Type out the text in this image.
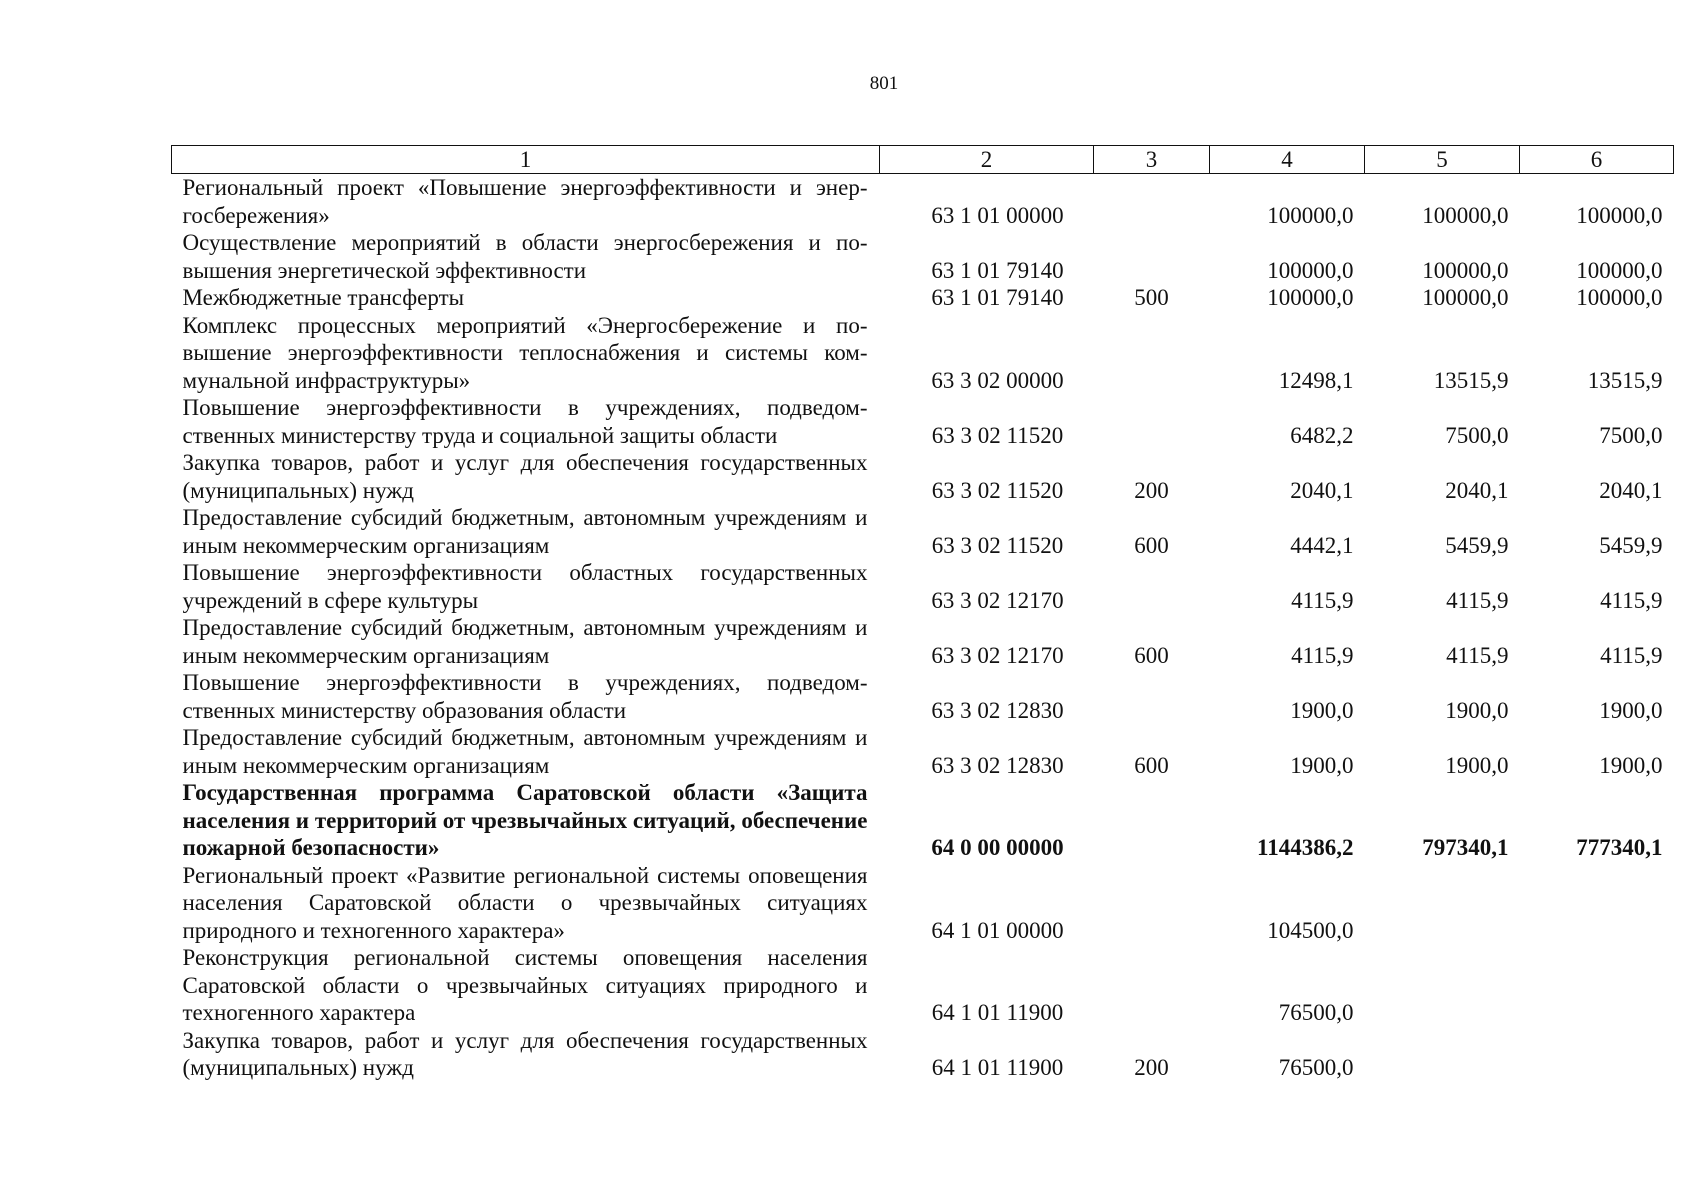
801
1	2	3	4	5	6
Региональный проект «Повышение энергоэффективности и энергосбережения»	63 1 01 00000		100000,0	100000,0	100000,0
Осуществление мероприятий в области энергосбережения и повышения энергетической эффективности	63 1 01 79140		100000,0	100000,0	100000,0
Межбюджетные трансферты	63 1 01 79140	500	100000,0	100000,0	100000,0
Комплекс процессных мероприятий «Энергосбережение и повышение энергоэффективности теплоснабжения и системы коммунальной инфраструктуры»	63 3 02 00000		12498,1	13515,9	13515,9
Повышение энергоэффективности в учреждениях, подведомственных министерству труда и социальной защиты области	63 3 02 11520		6482,2	7500,0	7500,0
Закупка товаров, работ и услуг для обеспечения государственных (муниципальных) нужд	63 3 02 11520	200	2040,1	2040,1	2040,1
Предоставление субсидий бюджетным, автономным учреждениям и иным некоммерческим организациям	63 3 02 11520	600	4442,1	5459,9	5459,9
Повышение энергоэффективности областных государственных учреждений в сфере культуры	63 3 02 12170		4115,9	4115,9	4115,9
Предоставление субсидий бюджетным, автономным учреждениям и иным некоммерческим организациям	63 3 02 12170	600	4115,9	4115,9	4115,9
Повышение энергоэффективности в учреждениях, подведомственных министерству образования области	63 3 02 12830		1900,0	1900,0	1900,0
Предоставление субсидий бюджетным, автономным учреждениям и иным некоммерческим организациям	63 3 02 12830	600	1900,0	1900,0	1900,0
Государственная программа Саратовской области «Защита населения и территорий от чрезвычайных ситуаций, обеспечение пожарной безопасности»	64 0 00 00000		1144386,2	797340,1	777340,1
Региональный проект «Развитие региональной системы оповещения населения Саратовской области о чрезвычайных ситуациях природного и техногенного характера»	64 1 01 00000		104500,0		
Реконструкция региональной системы оповещения населения Саратовской области о чрезвычайных ситуациях природного и техногенного характера	64 1 01 11900		76500,0		
Закупка товаров, работ и услуг для обеспечения государственных (муниципальных) нужд	64 1 01 11900	200	76500,0		
